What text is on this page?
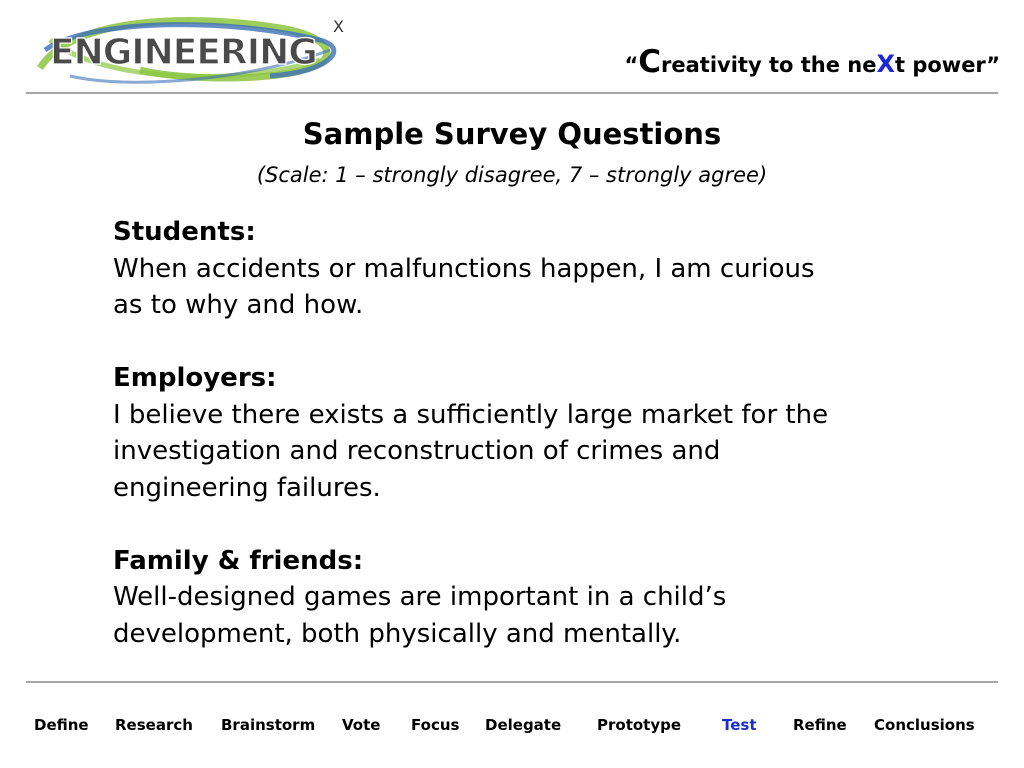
ENGINEERING
X
“Creativity to the neXt power”
Sample Survey Questions
(Scale: 1 – strongly disagree, 7 – strongly agree)
Students:
When accidents or malfunctions happen, I am curious
as to why and how.
Employers:
I believe there exists a sufficiently large market for the
investigation and reconstruction of crimes and
engineering failures.
Family & friends:
Well-designed games are important in a child’s
development, both physically and mentally.
Define Research Brainstorm Vote Focus Delegate Prototype	Test Refine Conclusions
